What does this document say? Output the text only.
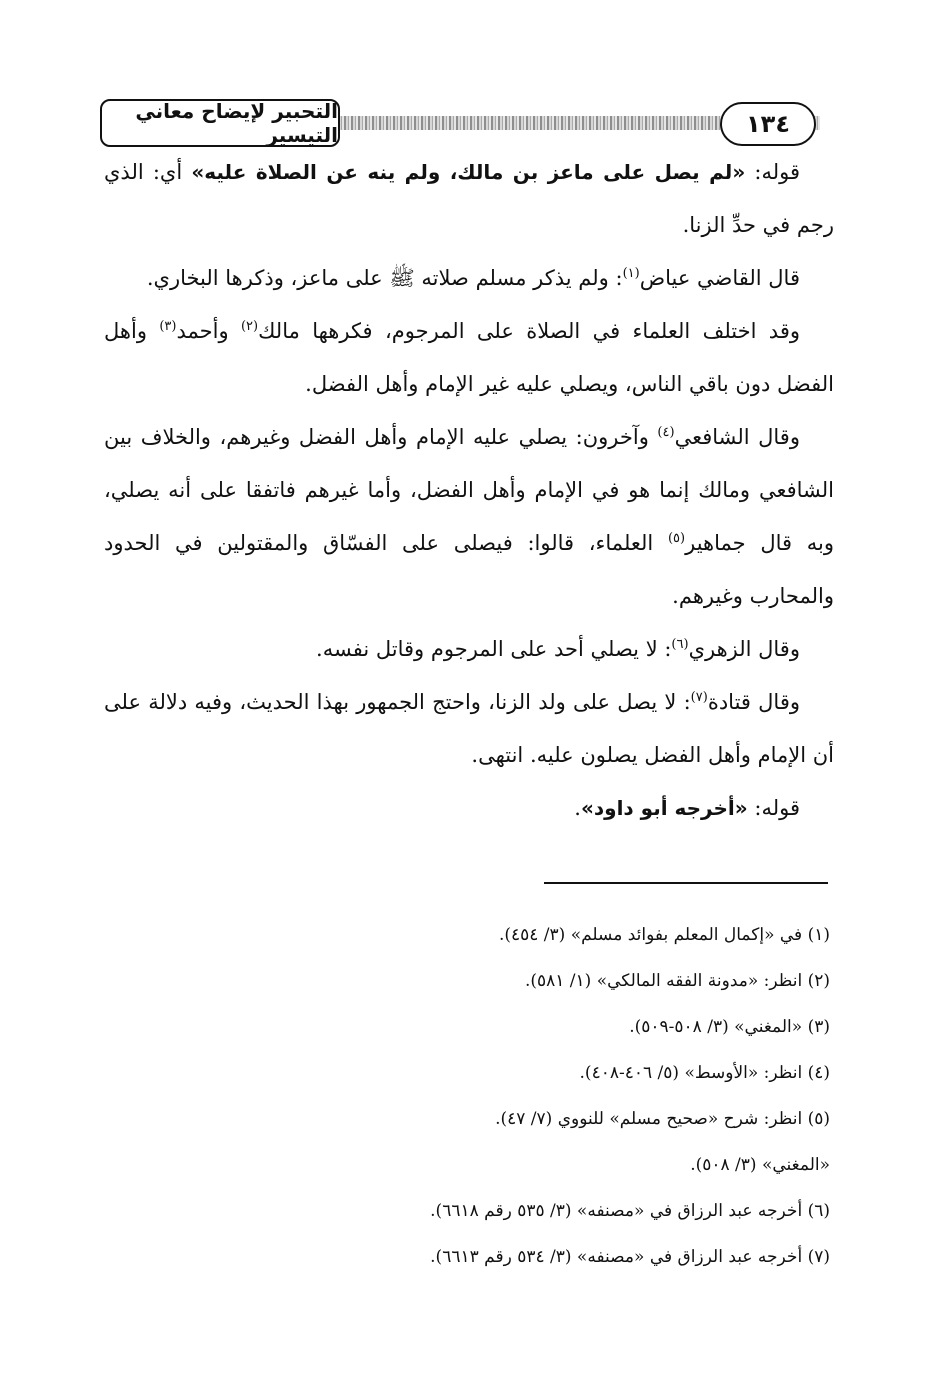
التحبير لإيضاح معاني التيسير	١٣٤

قوله: «لم يصل على ماعز بن مالك، ولم ينه عن الصلاة عليه» أي: الذي رجم في حدِّ الزنا.

قال القاضي عياض$^{(١)}$: ولم يذكر مسلم صلاته ﷺ على ماعز، وذكرها البخاري.

وقد اختلف العلماء في الصلاة على المرجوم، فكرهها مالك$^{(٢)}$ وأحمد$^{(٣)}$ وأهل الفضل دون باقي الناس، ويصلي عليه غير الإمام وأهل الفضل.

وقال الشافعي$^{(٤)}$ وآخرون: يصلي عليه الإمام وأهل الفضل وغيرهم، والخلاف بين الشافعي ومالك إنما هو في الإمام وأهل الفضل، وأما غيرهم فاتفقا على أنه يصلي، وبه قال جماهير$^{(٥)}$ العلماء، قالوا: فيصلى على الفسّاق والمقتولين في الحدود والمحارب وغيرهم.

وقال الزهري$^{(٦)}$: لا يصلي أحد على المرجوم وقاتل نفسه.

وقال قتادة$^{(٧)}$: لا يصل على ولد الزنا، واحتج الجمهور بهذا الحديث، وفيه دلالة على أن الإمام وأهل الفضل يصلون عليه. انتهى.

قوله: «أخرجه أبو داود».

(١) في «إكمال المعلم بفوائد مسلم» (٣/ ٤٥٤).

(٢) انظر: «مدونة الفقه المالكي» (١/ ٥٨١).

(٣) «المغني» (٣/ ٥٠٨-٥٠٩).

(٤) انظر: «الأوسط» (٥/ ٤٠٦-٤٠٨).

(٥) انظر: شرح «صحيح مسلم» للنووي (٧/ ٤٧).

«المغني» (٣/ ٥٠٨).

(٦) أخرجه عبد الرزاق في «مصنفه» (٣/ ٥٣٥ رقم ٦٦١٨).

(٧) أخرجه عبد الرزاق في «مصنفه» (٣/ ٥٣٤ رقم ٦٦١٣).
